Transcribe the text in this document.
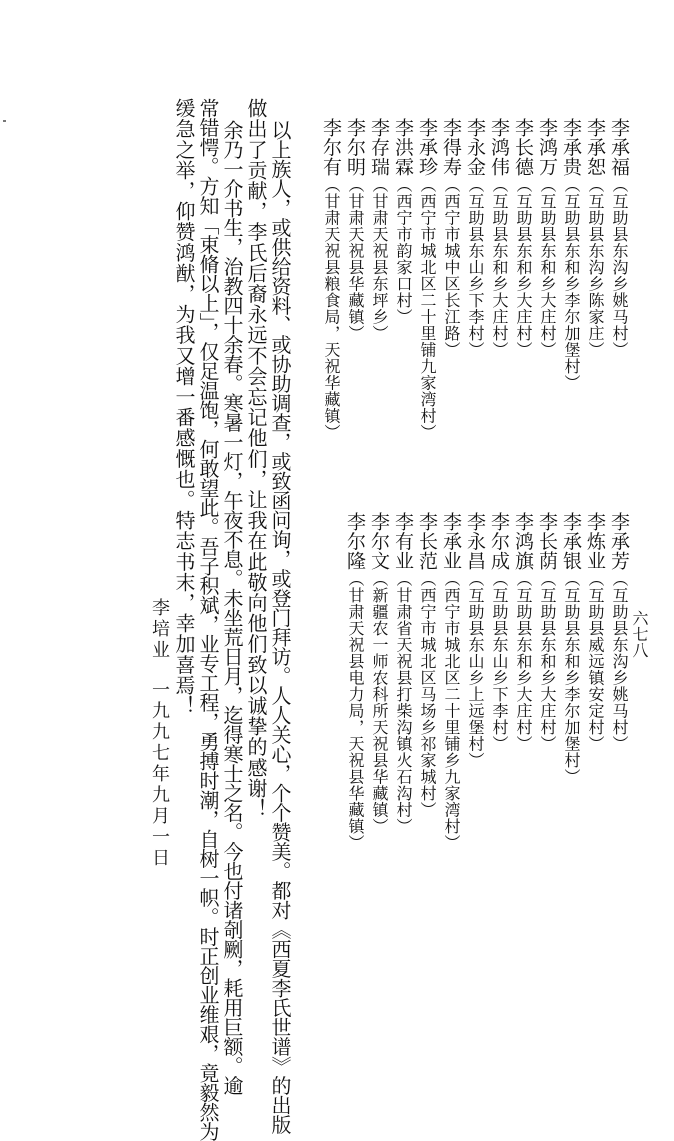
六七八
李承福（互助县东沟乡姚马村）
李承恕（互助县东沟乡陈家庄）
李承贵（互助县东和乡李尔加堡村）
李鸿万（互助县东和乡大庄村）
李长德（互助县东和乡大庄村）
李鸿伟（互助县东和乡大庄村）
李永金（互助县东山乡下李村）
李得寿（西宁市城中区长江路）
李承珍（西宁市城北区二十里铺九家湾村）
李洪霖（西宁市韵家口村）
李存瑞（甘肃天祝县东坪乡）
李尔明（甘肃天祝县华藏镇）
李尔有（甘肃天祝县粮食局，天祝华藏镇）
李承芳（互助县东沟乡姚马村）
李炼业（互助县威远镇安定村）
李承银（互助县东和乡李尔加堡村）
李长荫（互助县东和乡大庄村）
李鸿旗（互助县东和乡大庄村）
李尔成（互助县东山乡下李村）
李永昌（互助县东山乡上远堡村）
李承业（西宁市城北区二十里铺乡九家湾村）
李长范（西宁市城北区马场乡祁家城村）
李有业（甘肃省天祝县打柴沟镇火石沟村）
李尔文（新疆农一师农科所天祝县华藏镇）
李尔隆（甘肃天祝县电力局，天祝县华藏镇）
以上族人，或供给资料、或协助调查，或致函问询，或登门拜访。人人关心，个个赞美。都对《西夏李氏世谱》的出版
做出了贡献，李氏后裔永远不会忘记他们，让我在此敬向他们致以诚挚的感谢！
余乃一介书生，治教四十余春。寒暑一灯，午夜不息。未坐荒日月，迄得寒士之名。今也付诸剞劂，耗用巨额。逾
常错愕。方知「束脩以上」，仅足温饱，何敢望此。吾子积斌，业专工程，勇搏时潮，自树一帜。时正创业维艰，竟毅然为
缓急之举，仰赞鸿猷，为我又增一番感慨也。特志书末，幸加喜焉！
李培业
一九九七年九月一日
